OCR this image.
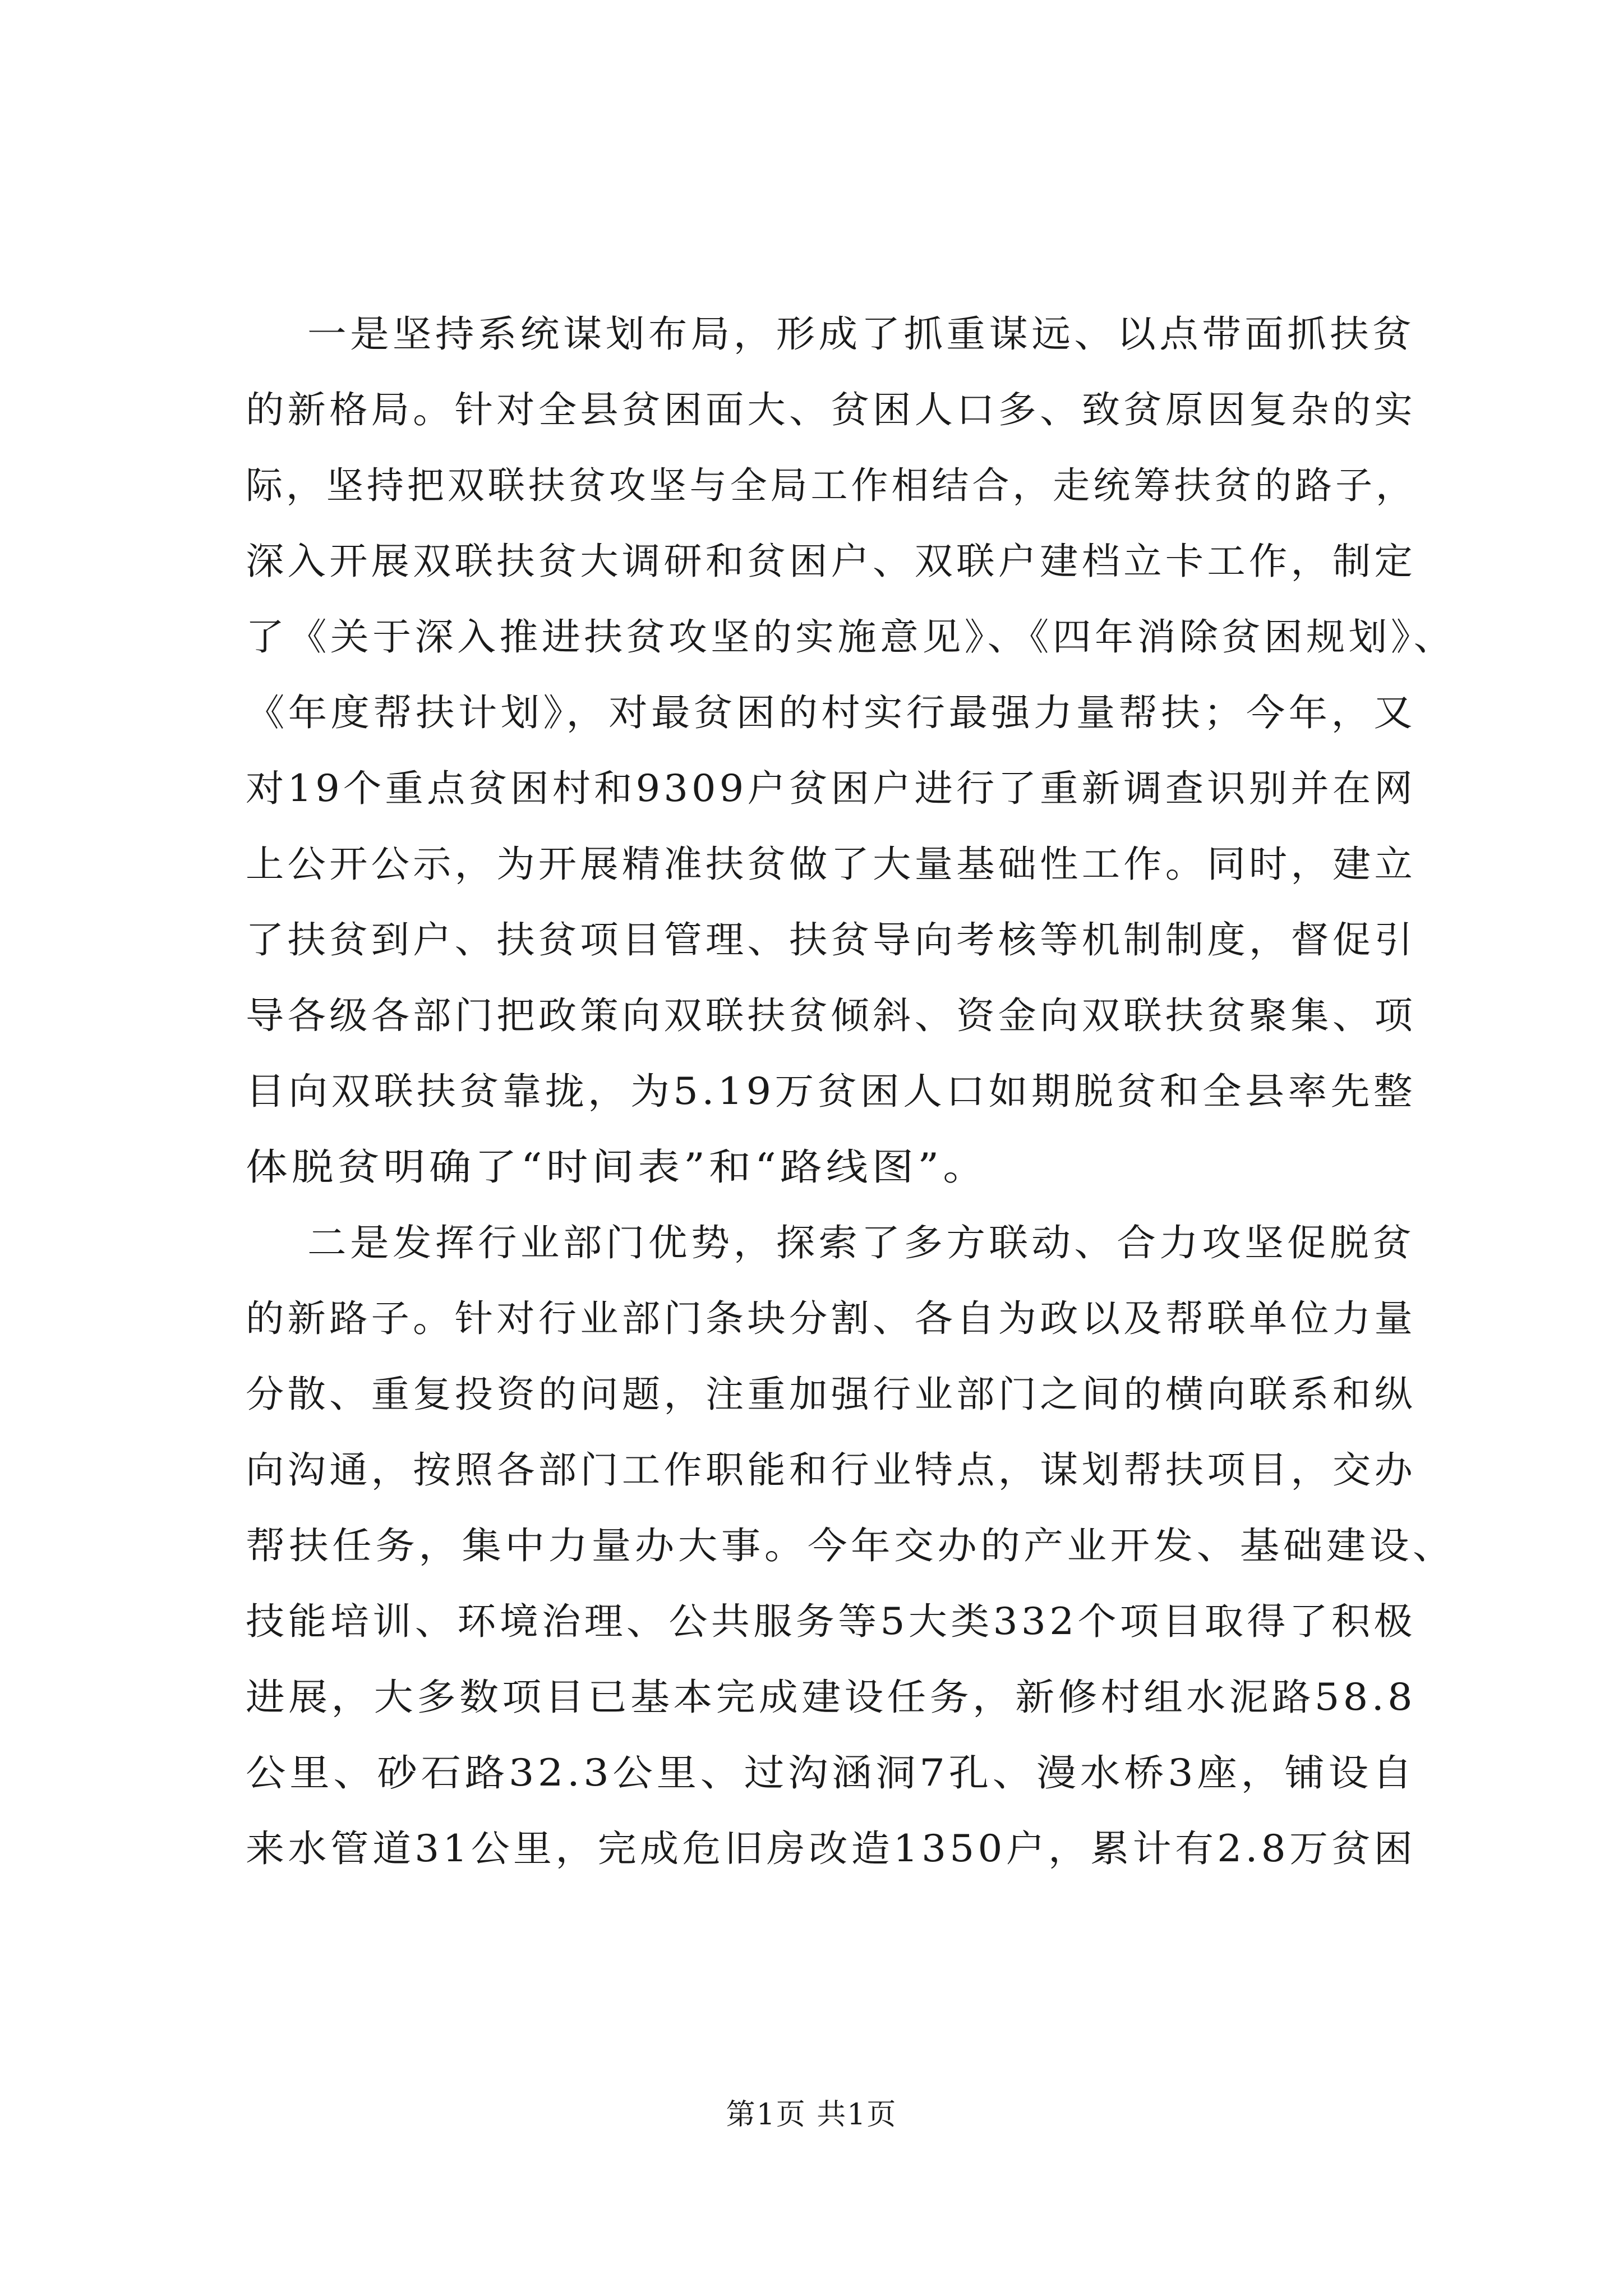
一是坚持系统谋划布局，形成了抓重谋远、以点带面抓扶贫
的新格局。针对全县贫困面大、贫困人口多、致贫原因复杂的实
际，坚持把双联扶贫攻坚与全局工作相结合，走统筹扶贫的路子，
深入开展双联扶贫大调研和贫困户、双联户建档立卡工作，制定
了《关于深入推进扶贫攻坚的实施意见》、《四年消除贫困规划》、
《年度帮扶计划》，对最贫困的村实行最强力量帮扶；今年，又
对19个重点贫困村和9309户贫困户进行了重新调查识别并在网
上公开公示，为开展精准扶贫做了大量基础性工作。同时，建立
了扶贫到户、扶贫项目管理、扶贫导向考核等机制制度，督促引
导各级各部门把政策向双联扶贫倾斜、资金向双联扶贫聚集、项
目向双联扶贫靠拢，为5.19万贫困人口如期脱贫和全县率先整
体脱贫明确了“时间表”和“路线图”。
二是发挥行业部门优势，探索了多方联动、合力攻坚促脱贫
的新路子。针对行业部门条块分割、各自为政以及帮联单位力量
分散、重复投资的问题，注重加强行业部门之间的横向联系和纵
向沟通，按照各部门工作职能和行业特点，谋划帮扶项目，交办
帮扶任务，集中力量办大事。今年交办的产业开发、基础建设、
技能培训、环境治理、公共服务等5大类332个项目取得了积极
进展，大多数项目已基本完成建设任务，新修村组水泥路58.8
公里、砂石路32.3公里、过沟涵洞7孔、漫水桥3座，铺设自
来水管道31公里，完成危旧房改造1350户，累计有2.8万贫困
第1页 共1页
